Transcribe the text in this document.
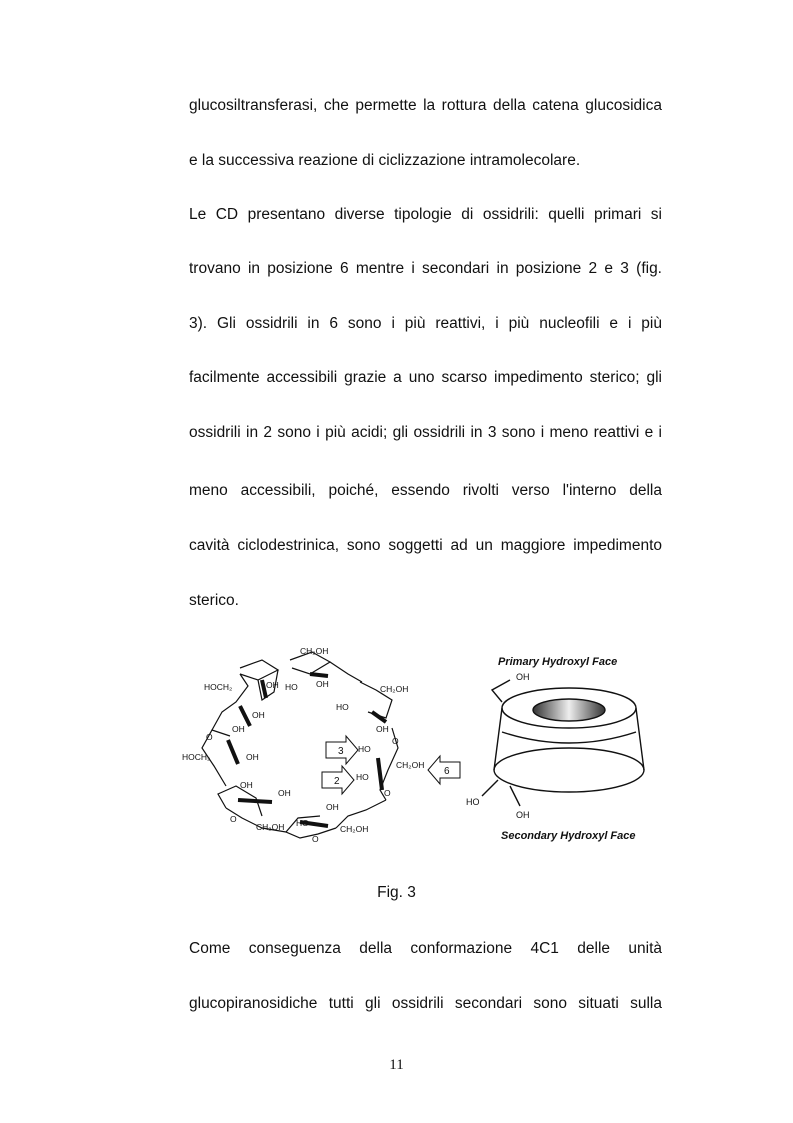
glucosiltransferasi, che permette la rottura della catena glucosidica
e la successiva reazione di ciclizzazione intramolecolare.
Le CD presentano diverse tipologie di ossidrili: quelli primari si
trovano in posizione 6 mentre i secondari in posizione 2 e 3 (fig.
3). Gli ossidrili in 6 sono i più reattivi, i più nucleofili e i più
facilmente accessibili grazie a uno scarso impedimento sterico; gli
ossidrili in 2 sono i più acidi; gli ossidrili in 3 sono i meno reattivi e i
meno accessibili, poiché, essendo rivolti verso l'interno della
cavità ciclodestrinica, sono soggetti ad un maggiore impedimento
sterico.
CH₂OH
HOCH₂	OH HO OH	CH₂OH
HO
OH
OH
OH
HOCH₂	OH
HO
O
CH₂OH
HO
O
OH
OH
O
OH
HO
CH₂OH	CH₂OH
O
O
3
2
6
Primary Hydroxyl Face
OH
HO
OH
Secondary Hydroxyl Face
Fig. 3
Come conseguenza della conformazione 4C1 delle unità
glucopiranosidiche tutti gli ossidrili secondari sono situati sulla
11
